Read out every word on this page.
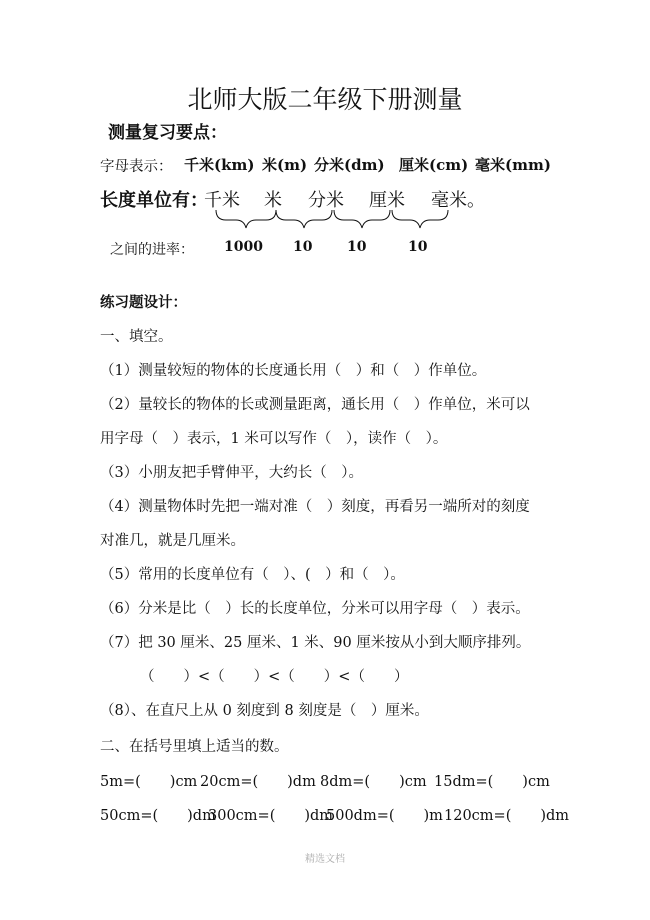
北师大版二年级下册测量
测量复习要点：
字母表示： 千米(km) 米(m) 分米(dm) 厘米(cm) 毫米(mm)
长度单位有：
千米 米 分米 厘米 毫米。
之间的进率： 1000 10 10	10
练习题设计：
一、填空。
（1）测量较短的物体的长度通长用（　）和（　）作单位。
（2）量较长的物体的长或测量距离，通长用（　）作单位，米可以
用字母（　）表示，1 米可以写作（　），读作（　）。
（3）小朋友把手臂伸平，大约长（　）。
（4）测量物体时先把一端对准（　）刻度，再看另一端所对的刻度
对准几，就是几厘米。
（5）常用的长度单位有（　）、(　）和（　）。
（6）分米是比（　）长的长度单位，分米可以用字母（　）表示。
（7）把 30 厘米、25 厘米、1 米、90 厘米按从小到大顺序排列。
（　　）<（　　）<（　　）<（　　）
（8）、在直尺上从 0 刻度到 8 刻度是（　）厘米。
二、在括号里填上适当的数。
5m=(　　)cm 20cm=(　　)dm 8dm=(　　)cm 15dm=(　　)cm
50cm=(　　)dm
300cm=(　　)dm
500dm=(　　)m 120cm=(　　)dm
精选文档
